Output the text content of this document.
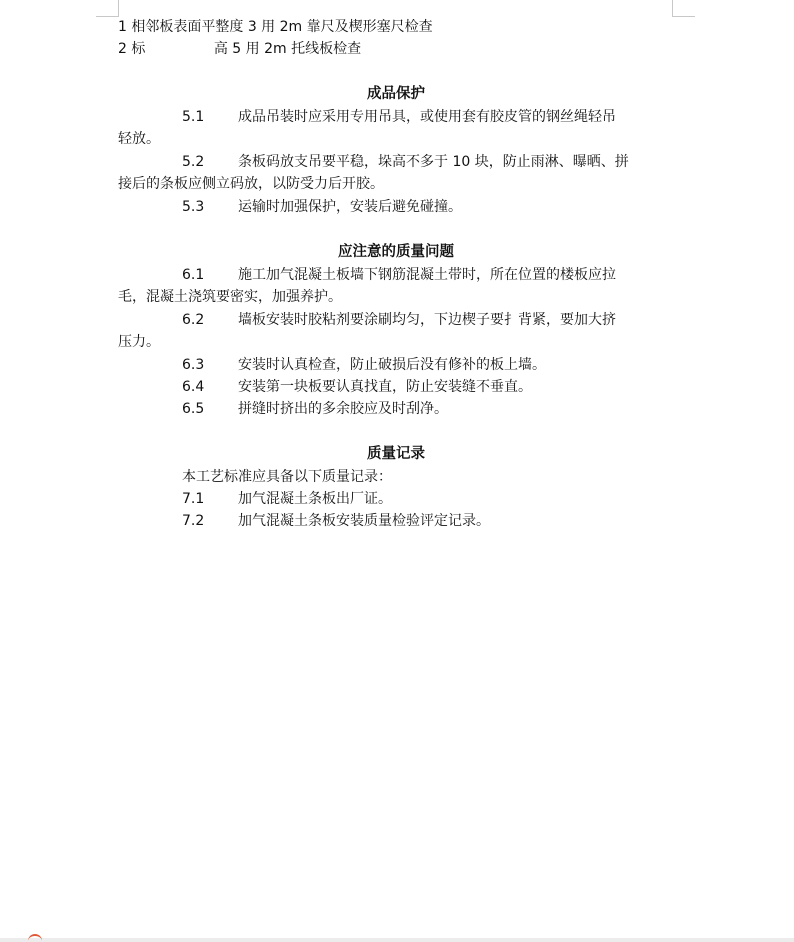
1 相邻板表面平整度 3 用 2m 靠尺及楔形塞尺检查
2 标	高 5 用 2m 托线板检查
成品保护
5.1 成品吊装时应采用专用吊具，或使用套有胶皮管的钢丝绳轻吊
轻放。
5.2 条板码放支吊要平稳，垛高不多于 10 块，防止雨淋、曝晒、拼
接后的条板应侧立码放，以防受力后开胶。
5.3 运输时加强保护，安装后避免碰撞。
应注意的质量问题
6.1 施工加气混凝土板墙下钢筋混凝土带时，所在位置的楼板应拉
毛，混凝土浇筑要密实，加强养护。
6.2 墙板安装时胶粘剂要涂刷均匀，下边楔子要扌背紧，要加大挤
压力。
6.3 安装时认真检查，防止破损后没有修补的板上墙。
6.4 安装第一块板要认真找直，防止安装缝不垂直。
6.5 拼缝时挤出的多余胶应及时刮净。
质量记录
本工艺标准应具备以下质量记录：
7.1 加气混凝土条板出厂证。
7.2 加气混凝土条板安装质量检验评定记录。
